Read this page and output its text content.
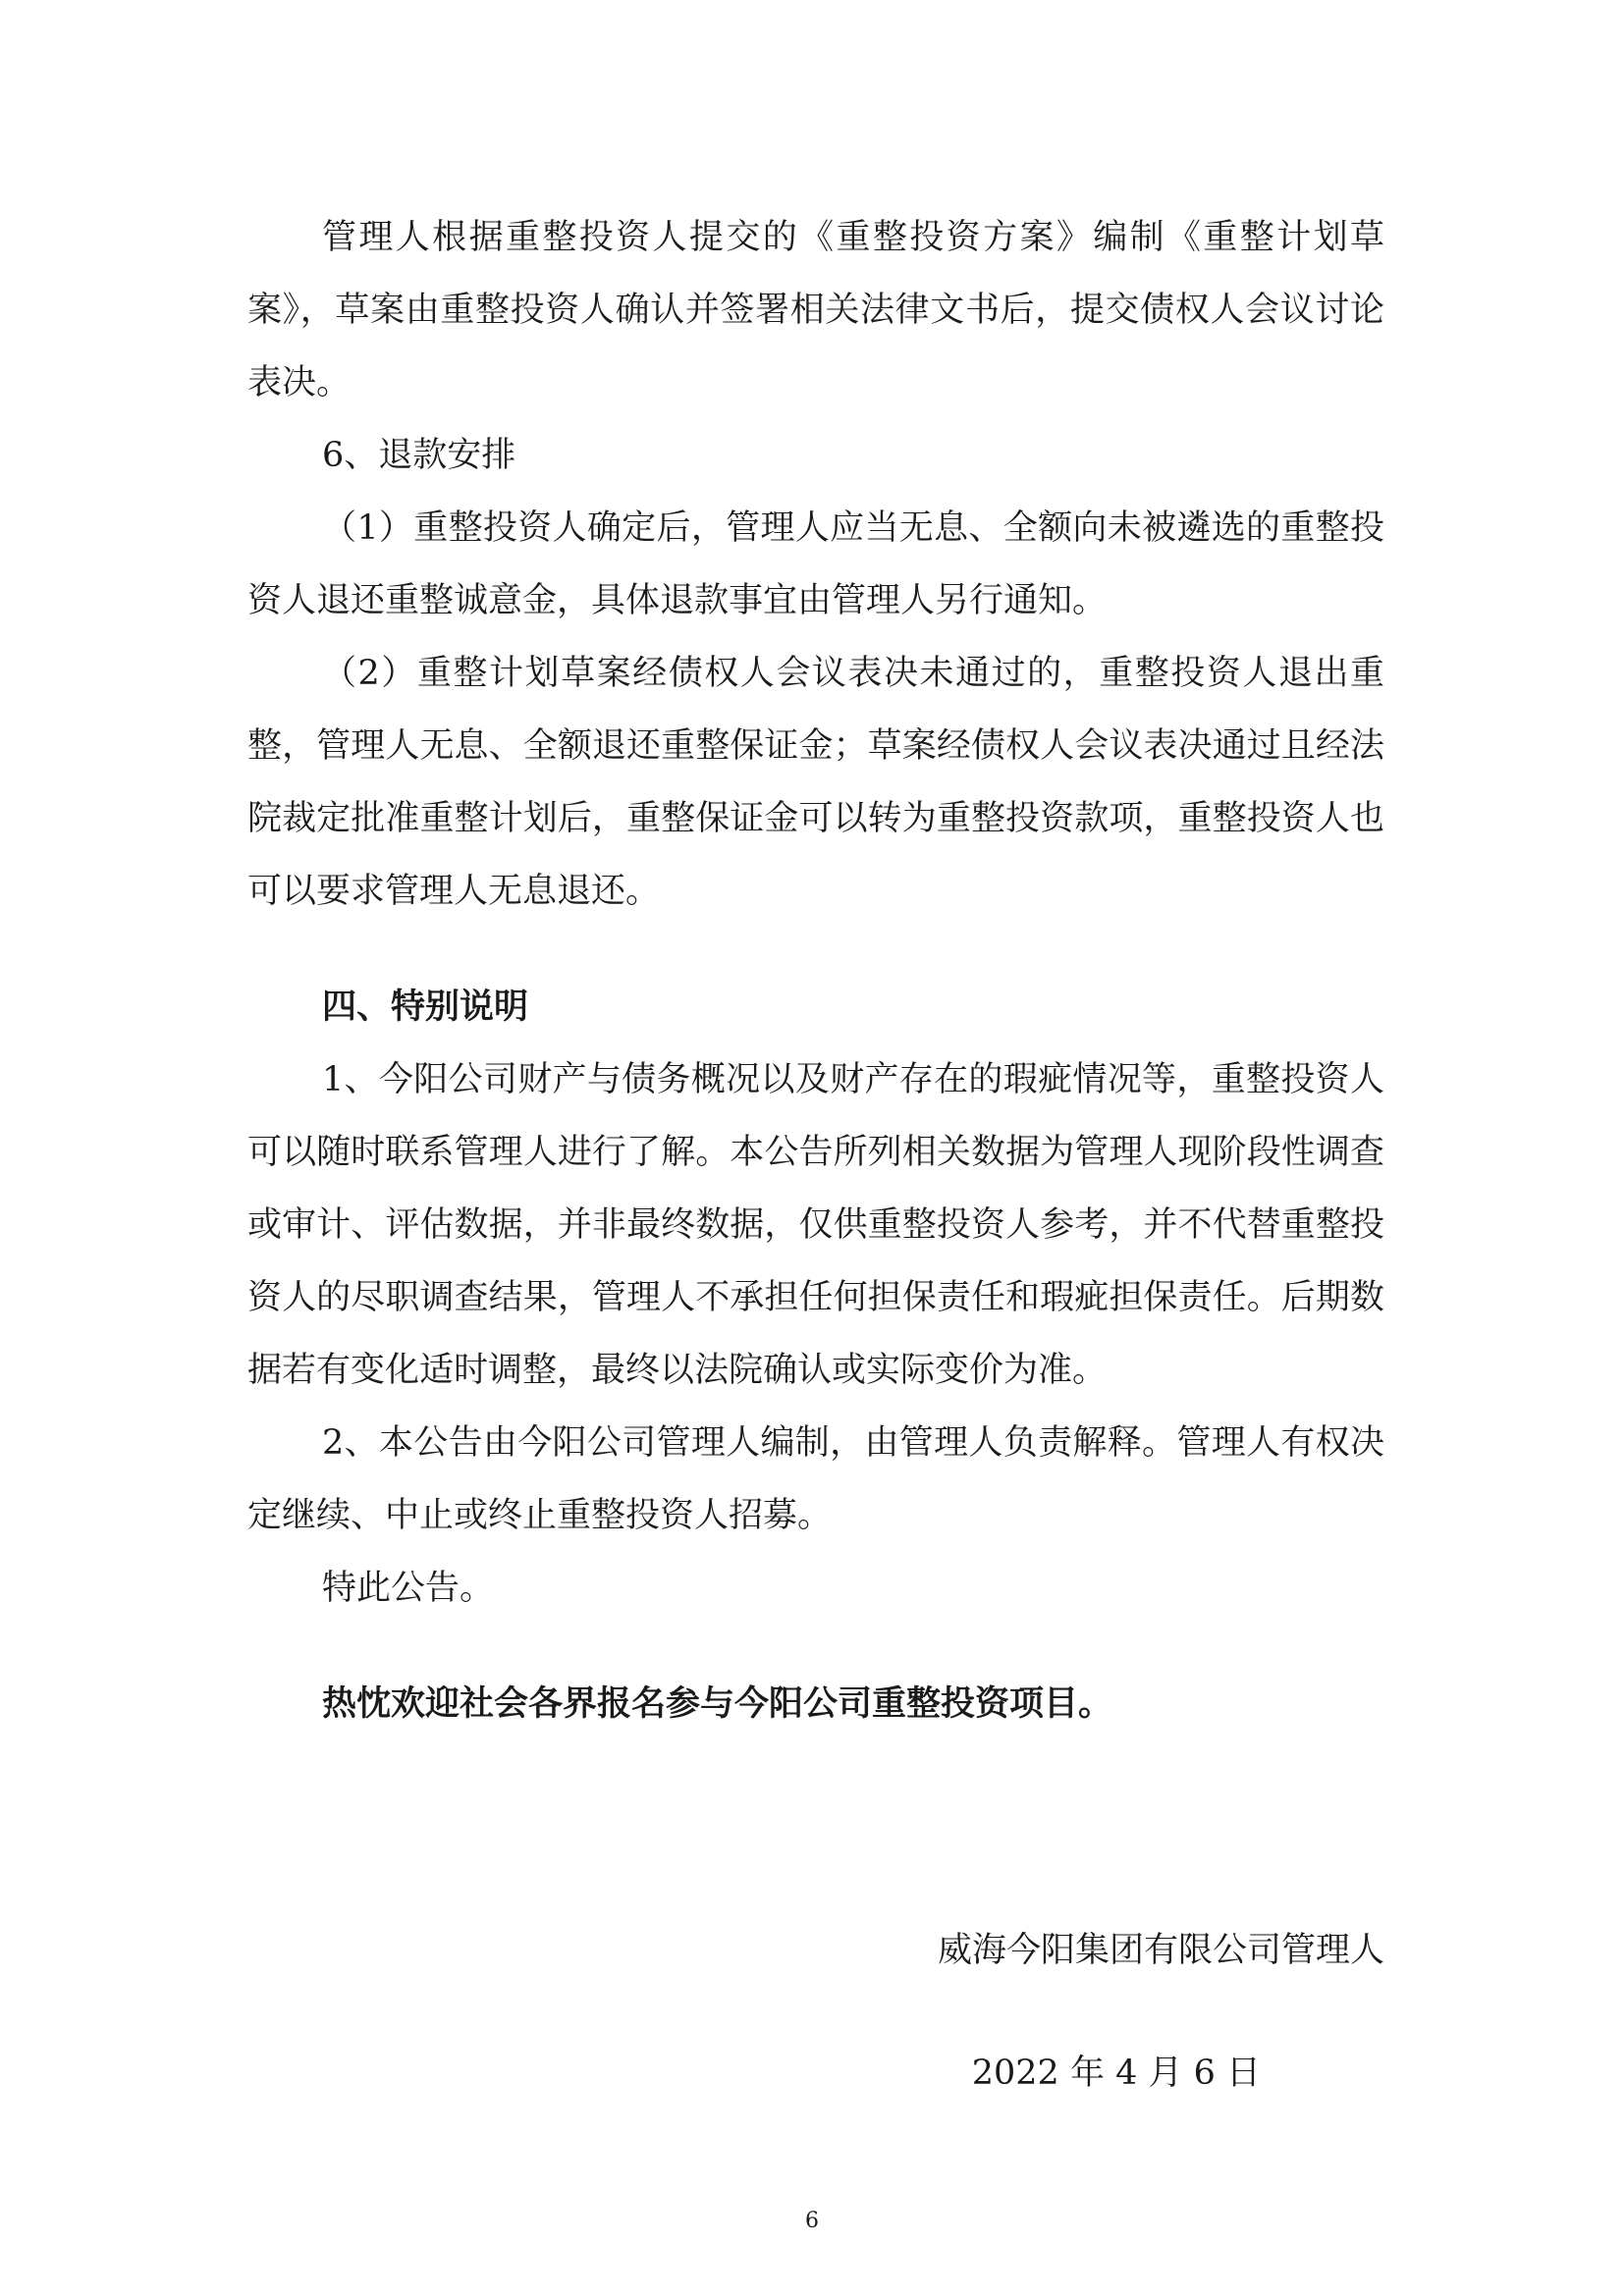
管理人根据重整投资人提交的《重整投资方案》编制《重整计划草案》，草案由重整投资人确认并签署相关法律文书后，提交债权人会议讨论表决。

6、退款安排

（1）重整投资人确定后，管理人应当无息、全额向未被遴选的重整投资人退还重整诚意金，具体退款事宜由管理人另行通知。

（2）重整计划草案经债权人会议表决未通过的，重整投资人退出重整，管理人无息、全额退还重整保证金；草案经债权人会议表决通过且经法院裁定批准重整计划后，重整保证金可以转为重整投资款项，重整投资人也可以要求管理人无息退还。

四、特别说明

1、今阳公司财产与债务概况以及财产存在的瑕疵情况等，重整投资人可以随时联系管理人进行了解。本公告所列相关数据为管理人现阶段性调查或审计、评估数据，并非最终数据，仅供重整投资人参考，并不代替重整投资人的尽职调查结果，管理人不承担任何担保责任和瑕疵担保责任。后期数据若有变化适时调整，最终以法院确认或实际变价为准。

2、本公告由今阳公司管理人编制，由管理人负责解释。管理人有权决定继续、中止或终止重整投资人招募。

特此公告。

热忱欢迎社会各界报名参与今阳公司重整投资项目。

威海今阳集团有限公司管理人

2022 年 4 月 6 日

6
